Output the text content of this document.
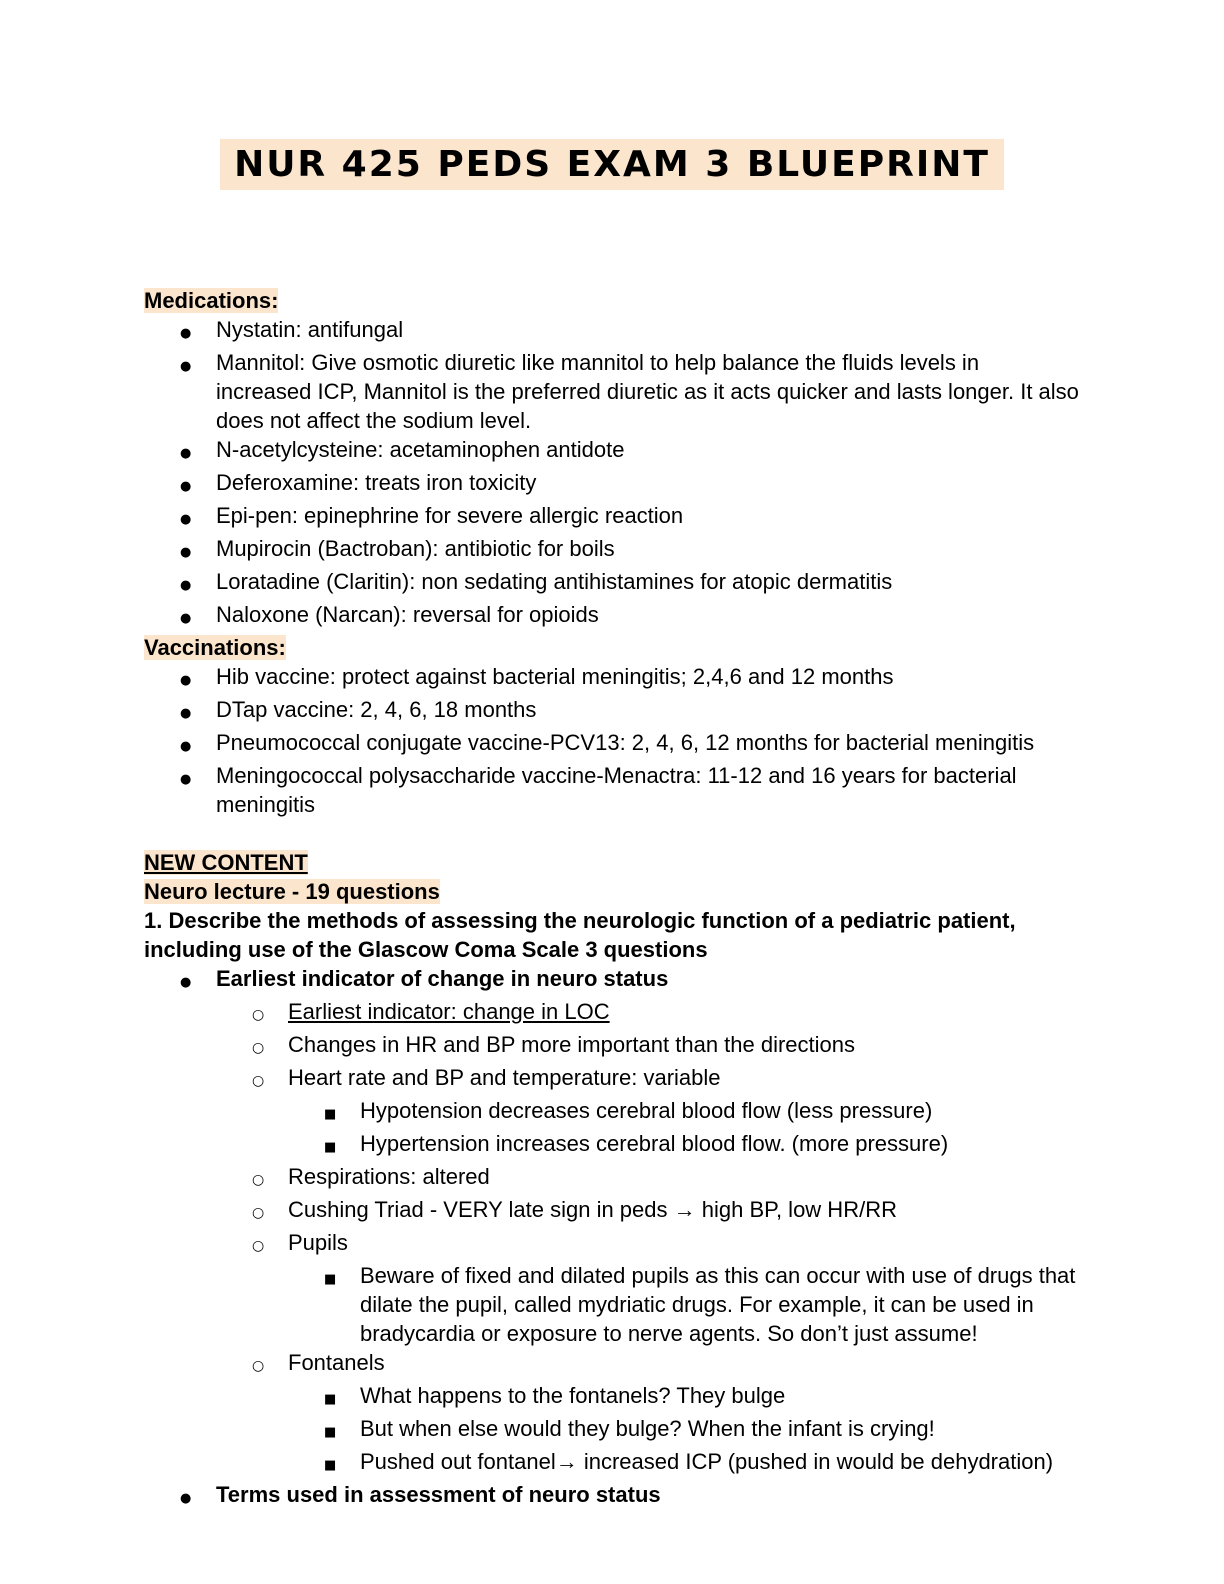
NUR 425 PEDS EXAM 3 BLUEPRINT

Medications:

●	Nystatin: antifungal
●	Mannitol: Give osmotic diuretic like mannitol to help balance the fluids levels in increased ICP, Mannitol is the preferred diuretic as it acts quicker and lasts longer. It also does not affect the sodium level.
●	N-acetylcysteine: acetaminophen antidote
●	Deferoxamine: treats iron toxicity
●	Epi-pen: epinephrine for severe allergic reaction
●	Mupirocin (Bactroban): antibiotic for boils
●	Loratadine (Claritin): non sedating antihistamines for atopic dermatitis
●	Naloxone (Narcan): reversal for opioids

Vaccinations:

●	Hib vaccine: protect against bacterial meningitis; 2,4,6 and 12 months
●	DTap vaccine: 2, 4, 6, 18 months
●	Pneumococcal conjugate vaccine-PCV13: 2, 4, 6, 12 months for bacterial meningitis
●	Meningococcal polysaccharide vaccine-Menactra: 11-12 and 16 years for bacterial meningitis

NEW CONTENT

Neuro lecture - 19 questions

1. Describe the methods of assessing the neurologic function of a pediatric patient, including use of the Glascow Coma Scale 3 questions

●	Earliest indicator of change in neuro status
○	Earliest indicator: change in LOC
○	Changes in HR and BP more important than the directions
○	Heart rate and BP and temperature: variable
■	Hypotension decreases cerebral blood flow (less pressure)
■	Hypertension increases cerebral blood flow. (more pressure)
○	Respirations: altered
○	Cushing Triad - VERY late sign in peds → high BP, low HR/RR
○	Pupils
■	Beware of fixed and dilated pupils as this can occur with use of drugs that dilate the pupil, called mydriatic drugs. For example, it can be used in bradycardia or exposure to nerve agents. So don’t just assume!
○	Fontanels
■	What happens to the fontanels? They bulge
■	But when else would they bulge? When the infant is crying!
■	Pushed out fontanel→ increased ICP (pushed in would be dehydration)
●	Terms used in assessment of neuro status
